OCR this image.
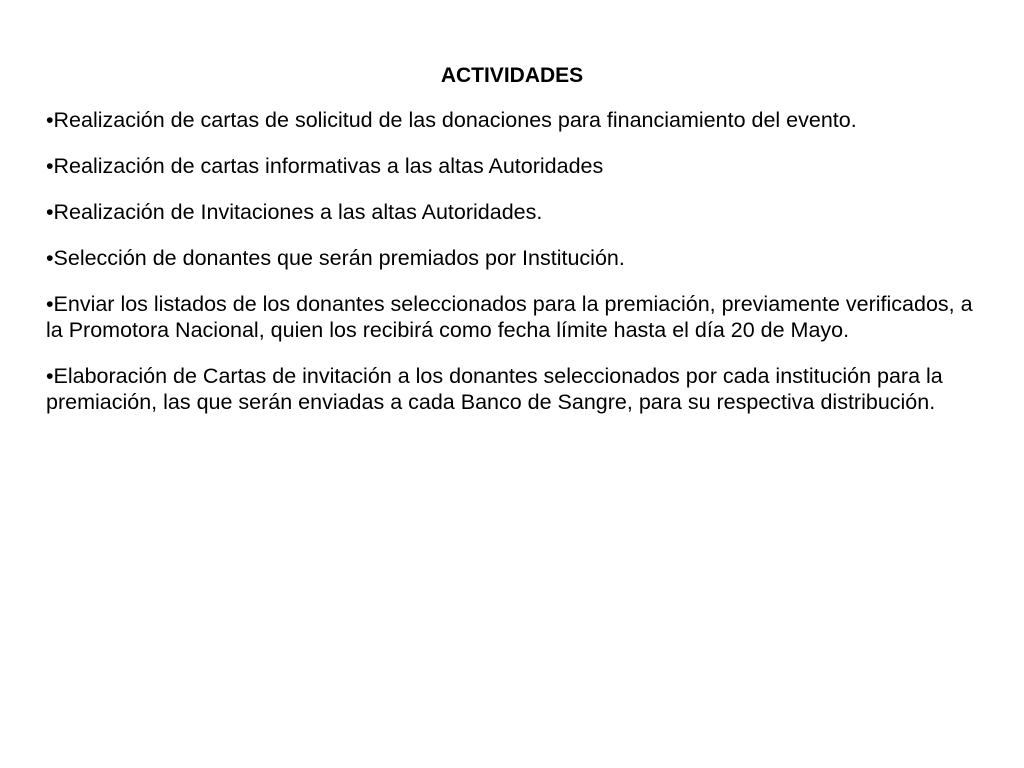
ACTIVIDADES
•Realización de cartas de solicitud de las donaciones para financiamiento del evento.
•Realización de cartas informativas a las altas Autoridades
•Realización de Invitaciones a las altas Autoridades.
•Selección de donantes que serán premiados por Institución.
•Enviar los listados de los donantes seleccionados para la premiación, previamente verificados, a la Promotora Nacional, quien los recibirá como fecha límite hasta el día 20 de Mayo.
•Elaboración de Cartas de invitación a los donantes seleccionados por cada institución para la premiación, las que serán enviadas a cada Banco de Sangre, para su respectiva distribución.
